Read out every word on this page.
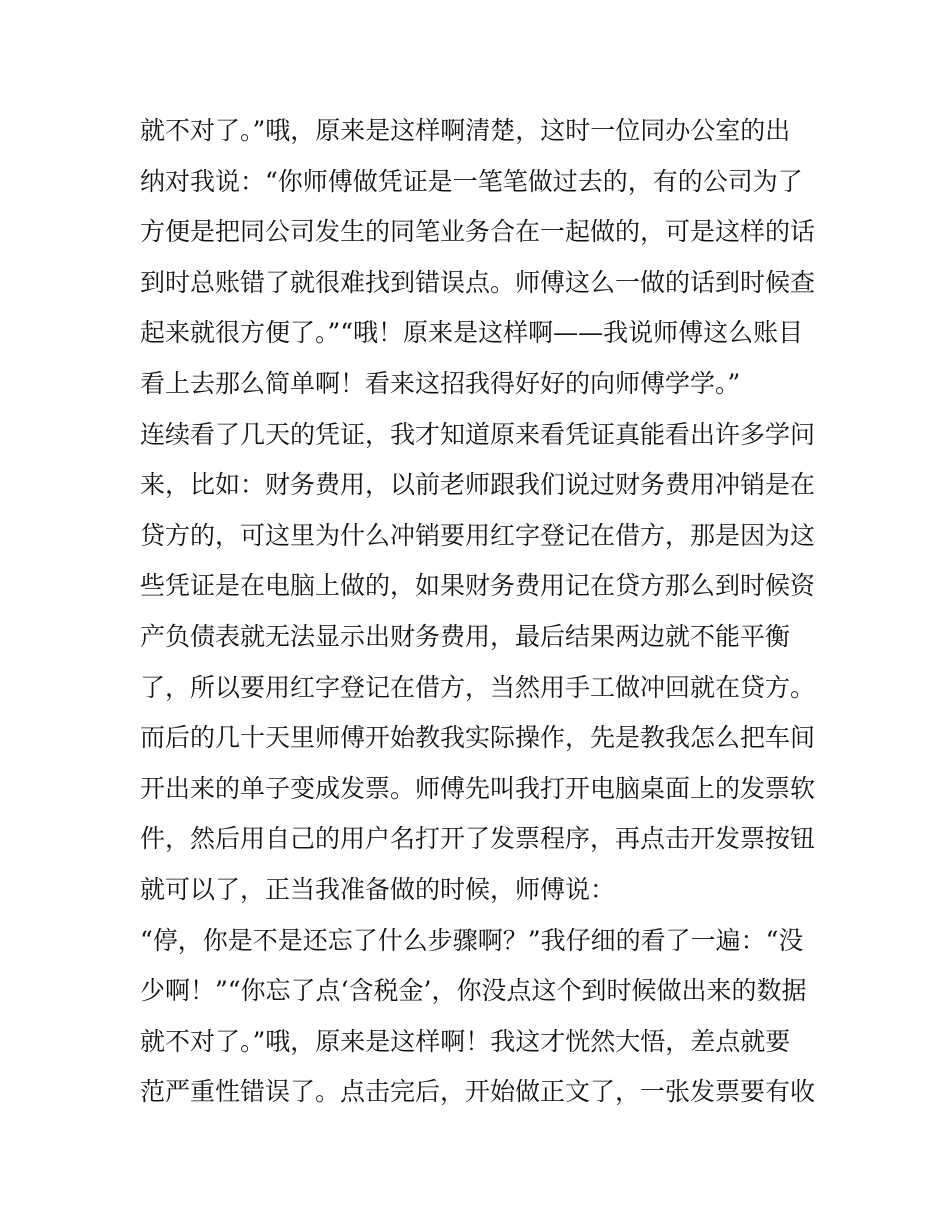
就不对了。”哦，原来是这样啊清楚，这时一位同办公室的出
纳对我说：“你师傅做凭证是一笔笔做过去的，有的公司为了
方便是把同公司发生的同笔业务合在一起做的，可是这样的话
到时总账错了就很难找到错误点。师傅这么一做的话到时候查
起来就很方便了。”“哦！原来是这样啊——我说师傅这么账目
看上去那么简单啊！看来这招我得好好的向师傅学学。”
连续看了几天的凭证，我才知道原来看凭证真能看出许多学问
来，比如：财务费用，以前老师跟我们说过财务费用冲销是在
贷方的，可这里为什么冲销要用红字登记在借方，那是因为这
些凭证是在电脑上做的，如果财务费用记在贷方那么到时候资
产负债表就无法显示出财务费用，最后结果两边就不能平衡
了，所以要用红字登记在借方，当然用手工做冲回就在贷方。
而后的几十天里师傅开始教我实际操作，先是教我怎么把车间
开出来的单子变成发票。师傅先叫我打开电脑桌面上的发票软
件，然后用自己的用户名打开了发票程序，再点击开发票按钮
就可以了，正当我准备做的时候，师傅说：
“停，你是不是还忘了什么步骤啊？”我仔细的看了一遍：“没
少啊！”“你忘了点‘含税金’，你没点这个到时候做出来的数据
就不对了。”哦，原来是这样啊！我这才恍然大悟，差点就要
范严重性错误了。点击完后，开始做正文了，一张发票要有收
